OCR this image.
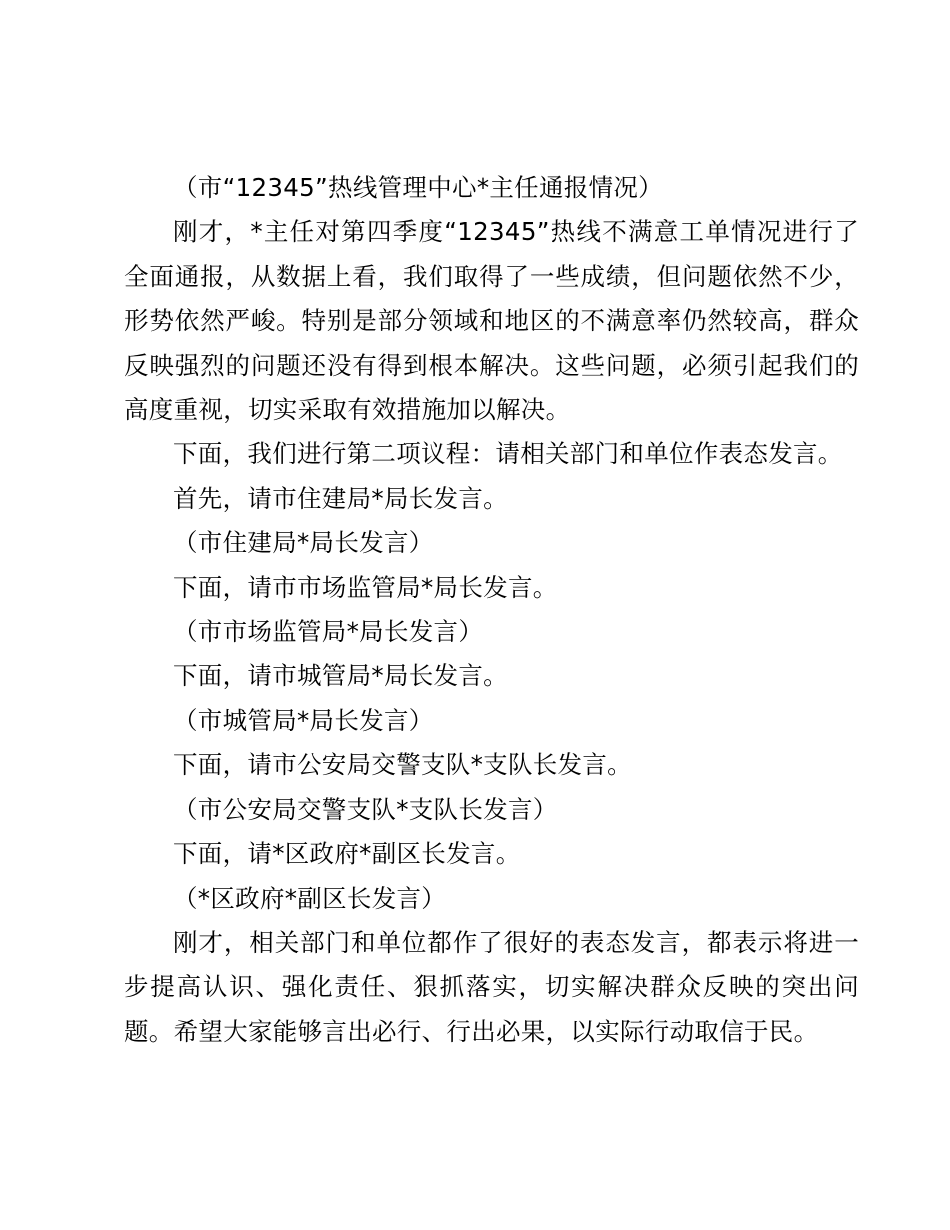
（市“12345”热线管理中心*主任通报情况）

刚才，*主任对第四季度“12345”热线不满意工单情况进行了全面通报，从数据上看，我们取得了一些成绩，但问题依然不少，形势依然严峻。特别是部分领域和地区的不满意率仍然较高，群众反映强烈的问题还没有得到根本解决。这些问题，必须引起我们的高度重视，切实采取有效措施加以解决。

下面，我们进行第二项议程：请相关部门和单位作表态发言。

首先，请市住建局*局长发言。

（市住建局*局长发言）

下面，请市市场监管局*局长发言。

（市市场监管局*局长发言）

下面，请市城管局*局长发言。

（市城管局*局长发言）

下面，请市公安局交警支队*支队长发言。

（市公安局交警支队*支队长发言）

下面，请*区政府*副区长发言。

（*区政府*副区长发言）

刚才，相关部门和单位都作了很好的表态发言，都表示将进一步提高认识、强化责任、狠抓落实，切实解决群众反映的突出问题。希望大家能够言出必行、行出必果，以实际行动取信于民。
